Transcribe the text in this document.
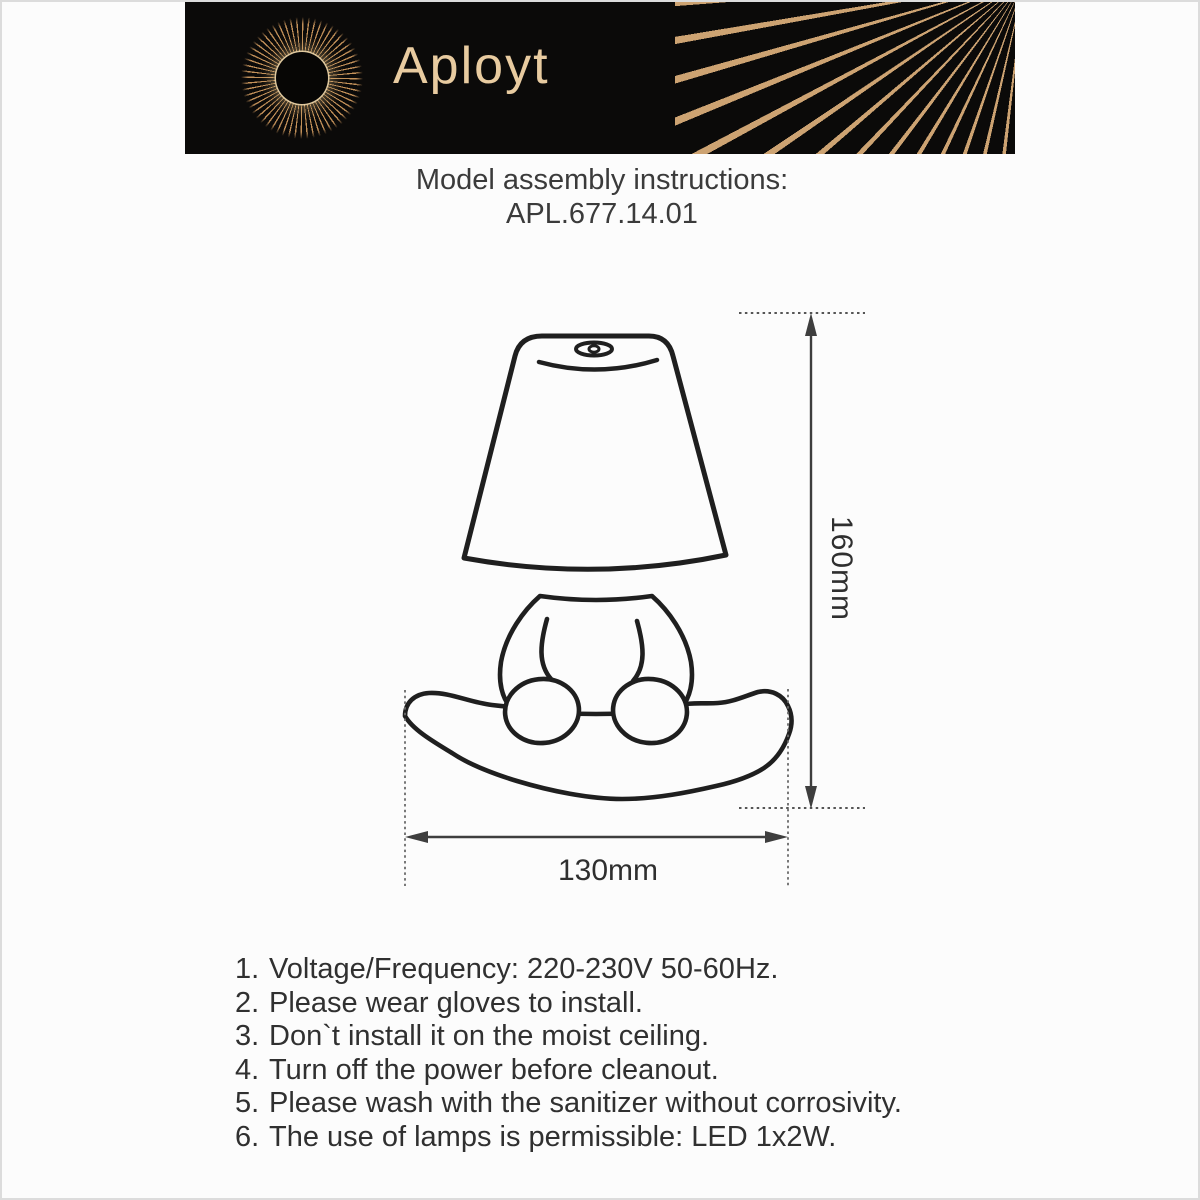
Aployt
Model assembly instructions:
APL.677.14.01
160mm
130mm
1. Voltage/Frequency: 220-230V 50-60Hz.
2. Please wear gloves to install.
3. Don`t install it on the moist ceiling.
4. Turn off the power before cleanout.
5. Please wash with the sanitizer without corrosivity.
6. The use of lamps is permissible: LED 1x2W.
